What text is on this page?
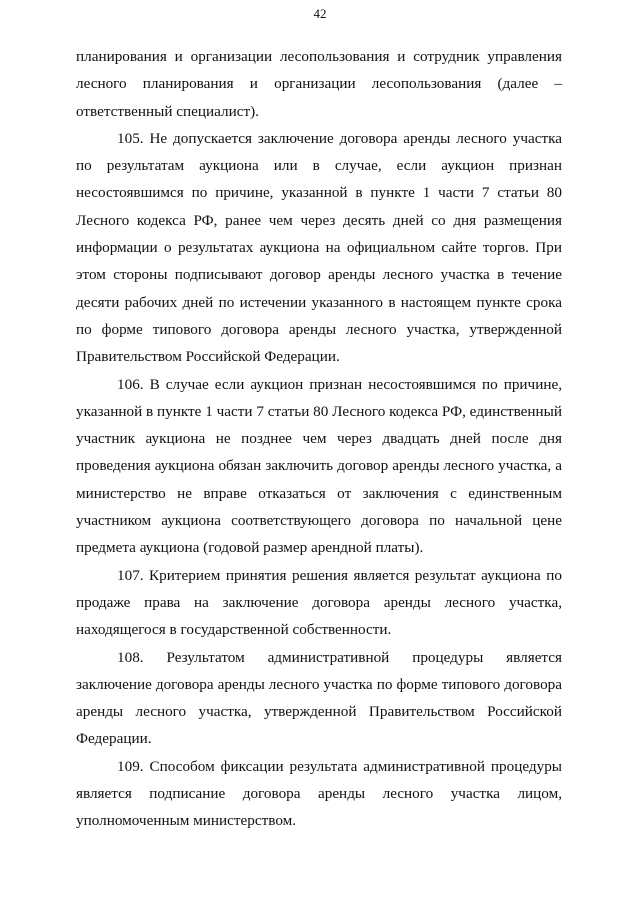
42

планирования и организации лесопользования и сотрудник управления лесного планирования и организации лесопользования (далее – ответственный специалист).

105. Не допускается заключение договора аренды лесного участка по результатам аукциона или в случае, если аукцион признан несостоявшимся по причине, указанной в пункте 1 части 7 статьи 80 Лесного кодекса РФ, ранее чем через десять дней со дня размещения информации о результатах аукциона на официальном сайте торгов. При этом стороны подписывают договор аренды лесного участка в течение десяти рабочих дней по истечении указанного в настоящем пункте срока по форме типового договора аренды лесного участка, утвержденной Правительством Российской Федерации.

106. В случае если аукцион признан несостоявшимся по причине, указанной в пункте 1 части 7 статьи 80 Лесного кодекса РФ, единственный участник аукциона не позднее чем через двадцать дней после дня проведения аукциона обязан заключить договор аренды лесного участка, а министерство не вправе отказаться от заключения с единственным участником аукциона соответствующего договора по начальной цене предмета аукциона (годовой размер арендной платы).

107. Критерием принятия решения является результат аукциона по продаже права на заключение договора аренды лесного участка, находящегося в государственной собственности.

108. Результатом административной процедуры является заключение договора аренды лесного участка по форме типового договора аренды лесного участка, утвержденной Правительством Российской Федерации.

109. Способом фиксации результата административной процедуры является подписание договора аренды лесного участка лицом, уполномоченным министерством.
